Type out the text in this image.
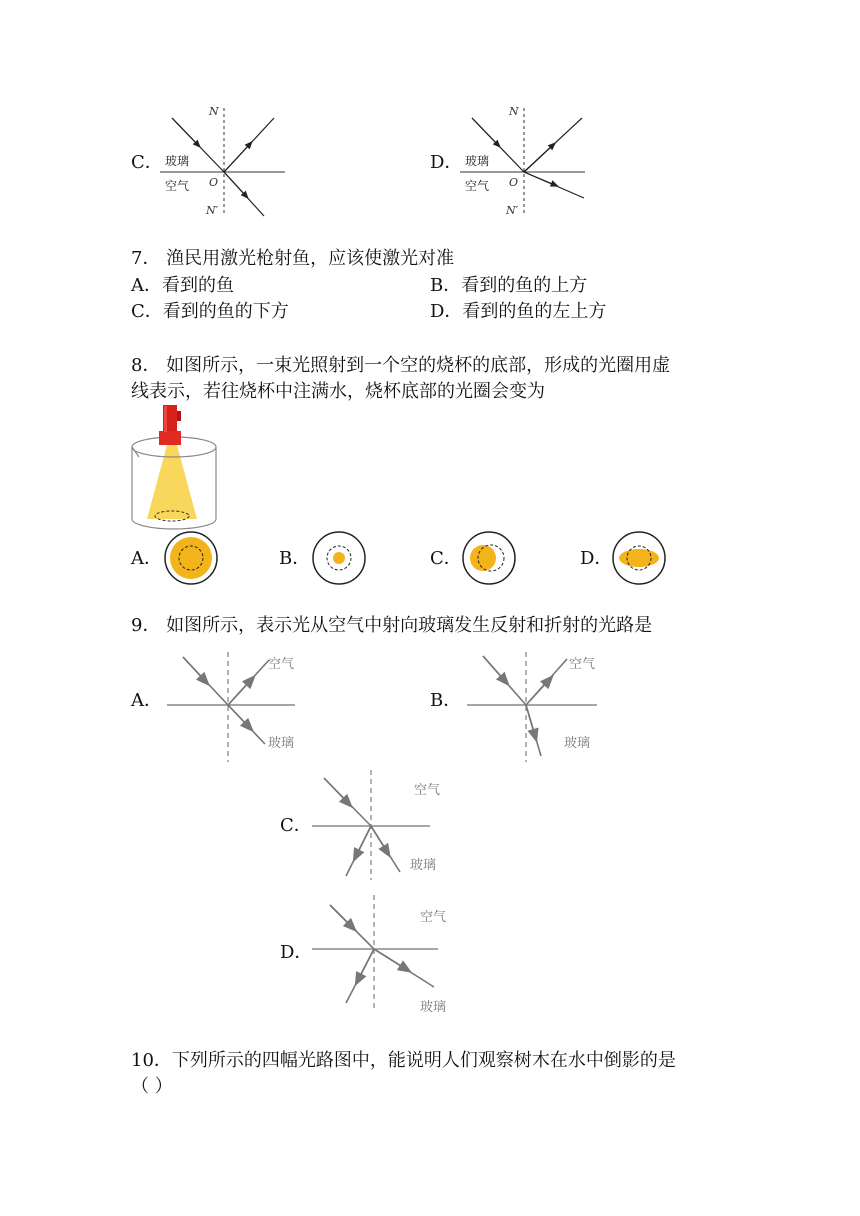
C．
N
O
N′
玻璃
空气
D．
N
O
N′
玻璃
空气
7． 渔民用激光枪射鱼，应该使激光对准
A．看到的鱼	B．看到的鱼的上方
C．看到的鱼的下方	D．看到的鱼的左上方
8． 如图所示，一束光照射到一个空的烧杯的底部，形成的光圈用虚
线表示，若往烧杯中注满水，烧杯底部的光圈会变为
A．	B．	C．	D．
9． 如图所示，表示光从空气中射向玻璃发生反射和折射的光路是
A．
空气
玻璃
B．
空气
玻璃
C．
空气
玻璃
D．
空气
玻璃
10．下列所示的四幅光路图中，能说明人们观察树木在水中倒影的是
（ ）
